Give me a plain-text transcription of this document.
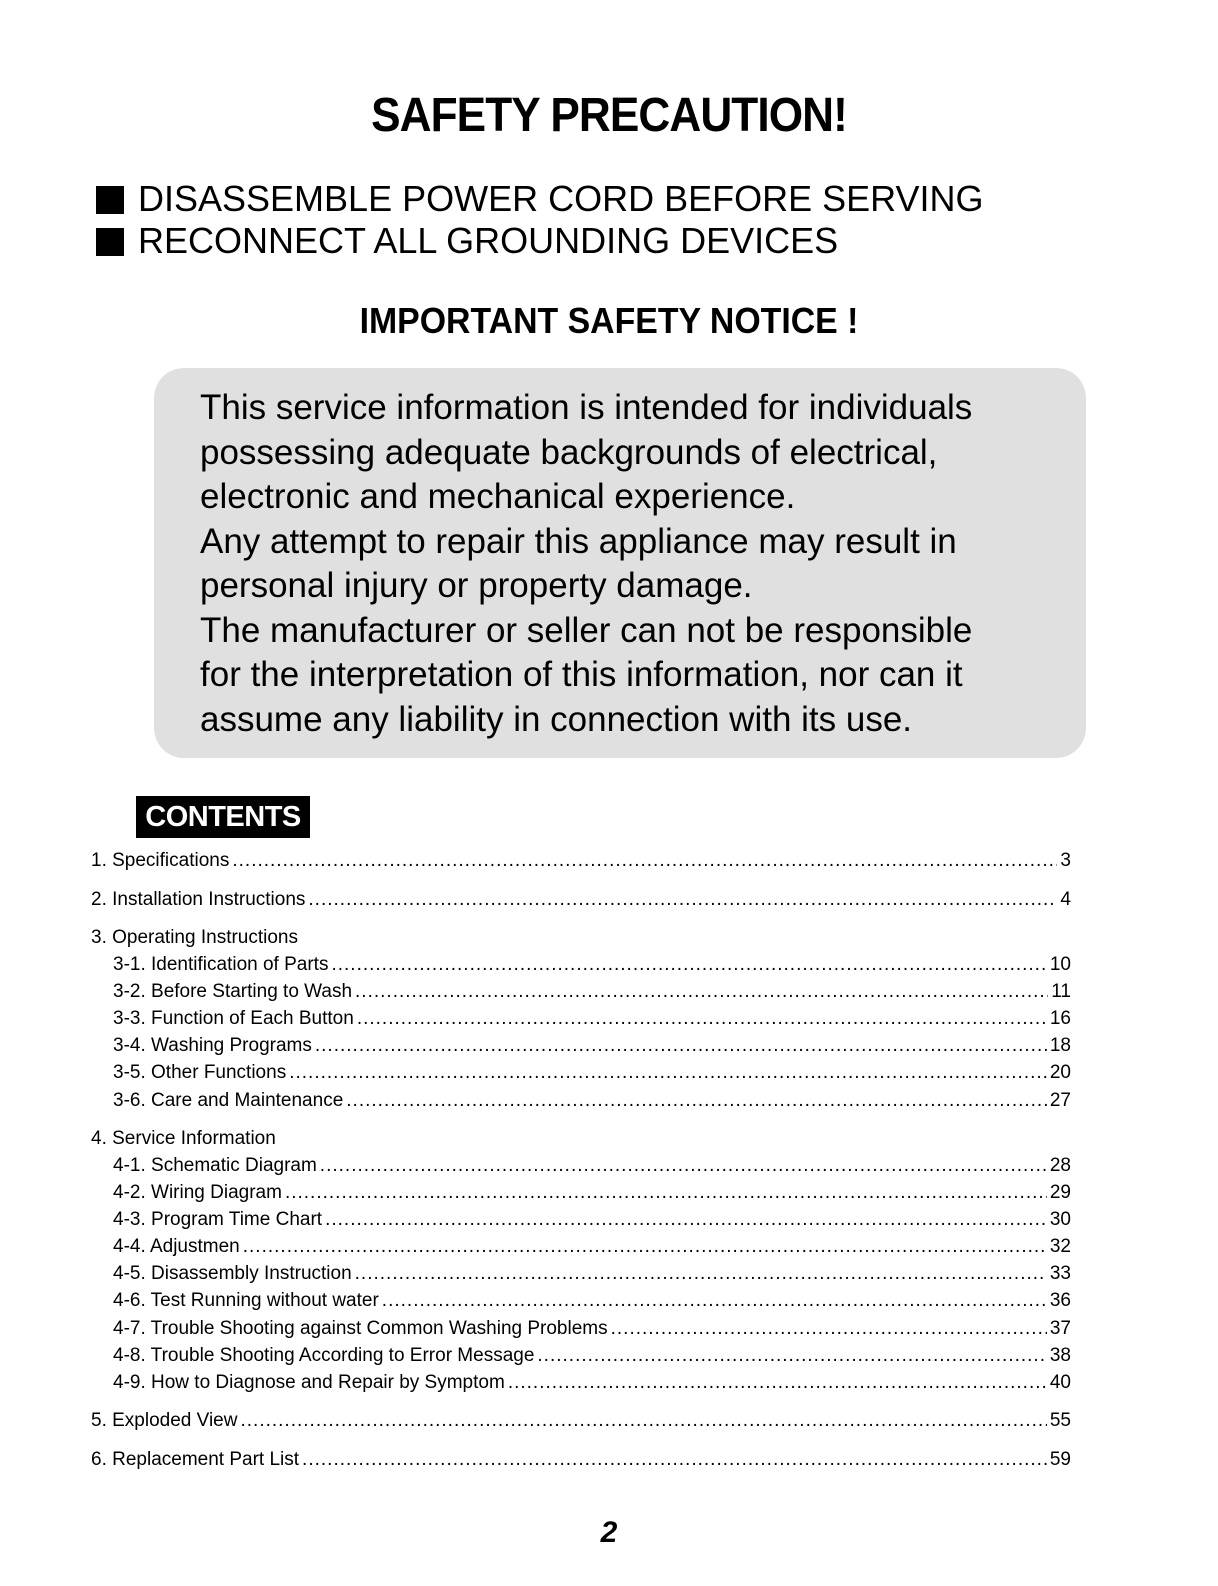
SAFETY PRECAUTION!
DISASSEMBLE POWER CORD BEFORE SERVING
RECONNECT ALL GROUNDING DEVICES
IMPORTANT SAFETY NOTICE !
This service information is intended for individuals
possessing adequate backgrounds of electrical,
electronic and mechanical experience.
Any attempt to repair this appliance may result in
personal injury or property damage.
The manufacturer or seller can not be responsible
for the interpretation of this information, nor can it
assume any liability in connection with its use.
CONTENTS
1. Specifications .....	3
2. Installation Instructions .....	4
3. Operating Instructions
3-1. Identification of Parts .....	10
3-2. Before Starting to Wash .....	11
3-3. Function of Each Button .....	16
3-4. Washing Programs .....	18
3-5. Other Functions .....	20
3-6. Care and Maintenance .....	27
4. Service Information
4-1. Schematic Diagram .....	28
4-2. Wiring Diagram .....	29
4-3. Program Time Chart .....	30
4-4. Adjustmen .....	32
4-5. Disassembly Instruction .....	33
4-6. Test Running without water .....	36
4-7. Trouble Shooting against Common Washing Problems .....	37
4-8. Trouble Shooting According to Error Message .....	38
4-9. How to Diagnose and Repair by Symptom .....	40
5. Exploded View .....	55
6. Replacement Part List .....	59
2
